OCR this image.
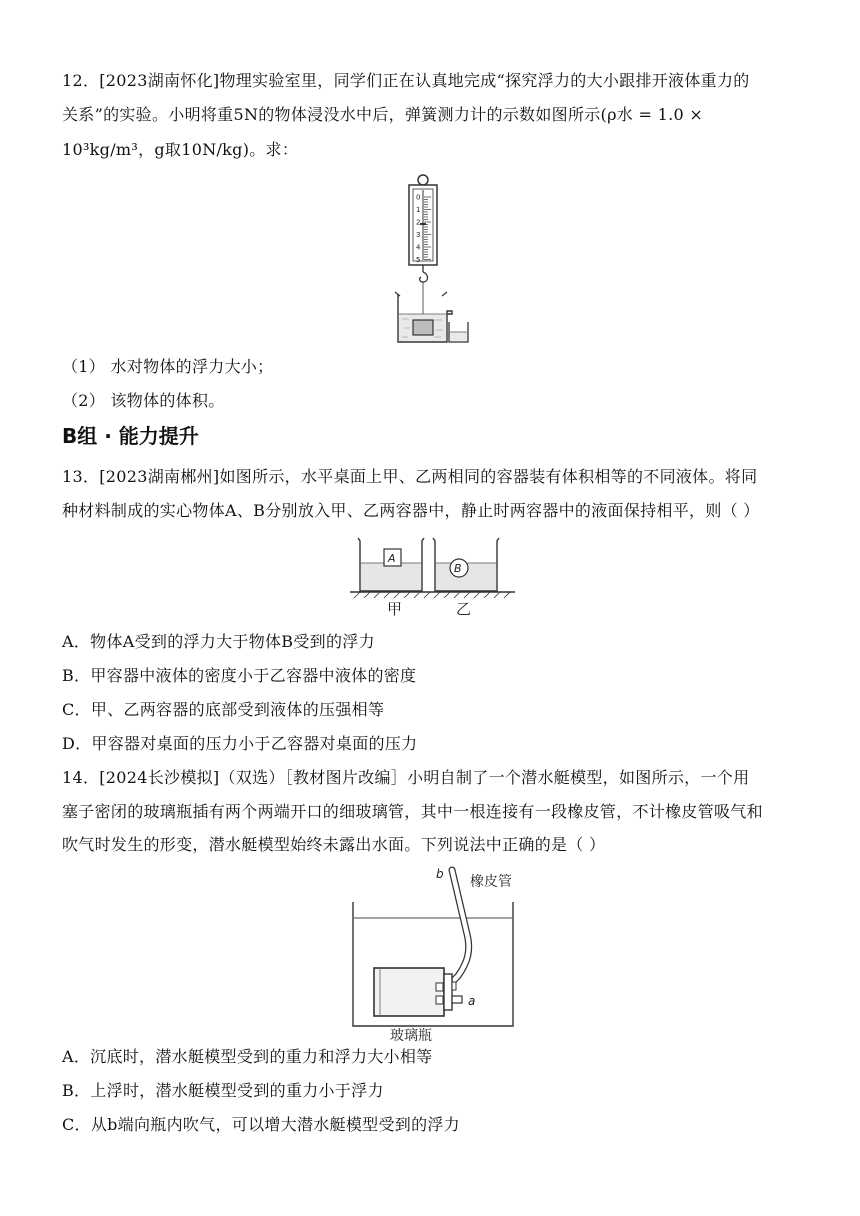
12．[2023湖南怀化]物理实验室里，同学们正在认真地完成“探究浮力的大小跟排开液体重力的
关系”的实验。小明将重5N的物体浸没水中后，弹簧测力计的示数如图所示(ρ水 = 1.0 ×
10³kg/m³，g取10N/kg)。求：
0
1
2
3
4
5
（1） 水对物体的浮力大小；
（2） 该物体的体积。
B组 · 能力提升
13．[2023湖南郴州]如图所示，水平桌面上甲、乙两相同的容器装有体积相等的不同液体。将同
种材料制成的实心物体A、B分别放入甲、乙两容器中，静止时两容器中的液面保持相平，则（ ）
A
B
甲	乙
A．物体A受到的浮力大于物体B受到的浮力
B．甲容器中液体的密度小于乙容器中液体的密度
C．甲、乙两容器的底部受到液体的压强相等
D．甲容器对桌面的压力小于乙容器对桌面的压力
14．[2024长沙模拟]（双选）［教材图片改编］小明自制了一个潜水艇模型，如图所示，一个用
塞子密闭的玻璃瓶插有两个两端开口的细玻璃管，其中一根连接有一段橡皮管，不计橡皮管吸气和
吹气时发生的形变，潜水艇模型始终未露出水面。下列说法中正确的是（ ）
b 橡皮管
a
玻璃瓶
A．沉底时，潜水艇模型受到的重力和浮力大小相等
B．上浮时，潜水艇模型受到的重力小于浮力
C．从b端向瓶内吹气，可以增大潜水艇模型受到的浮力
